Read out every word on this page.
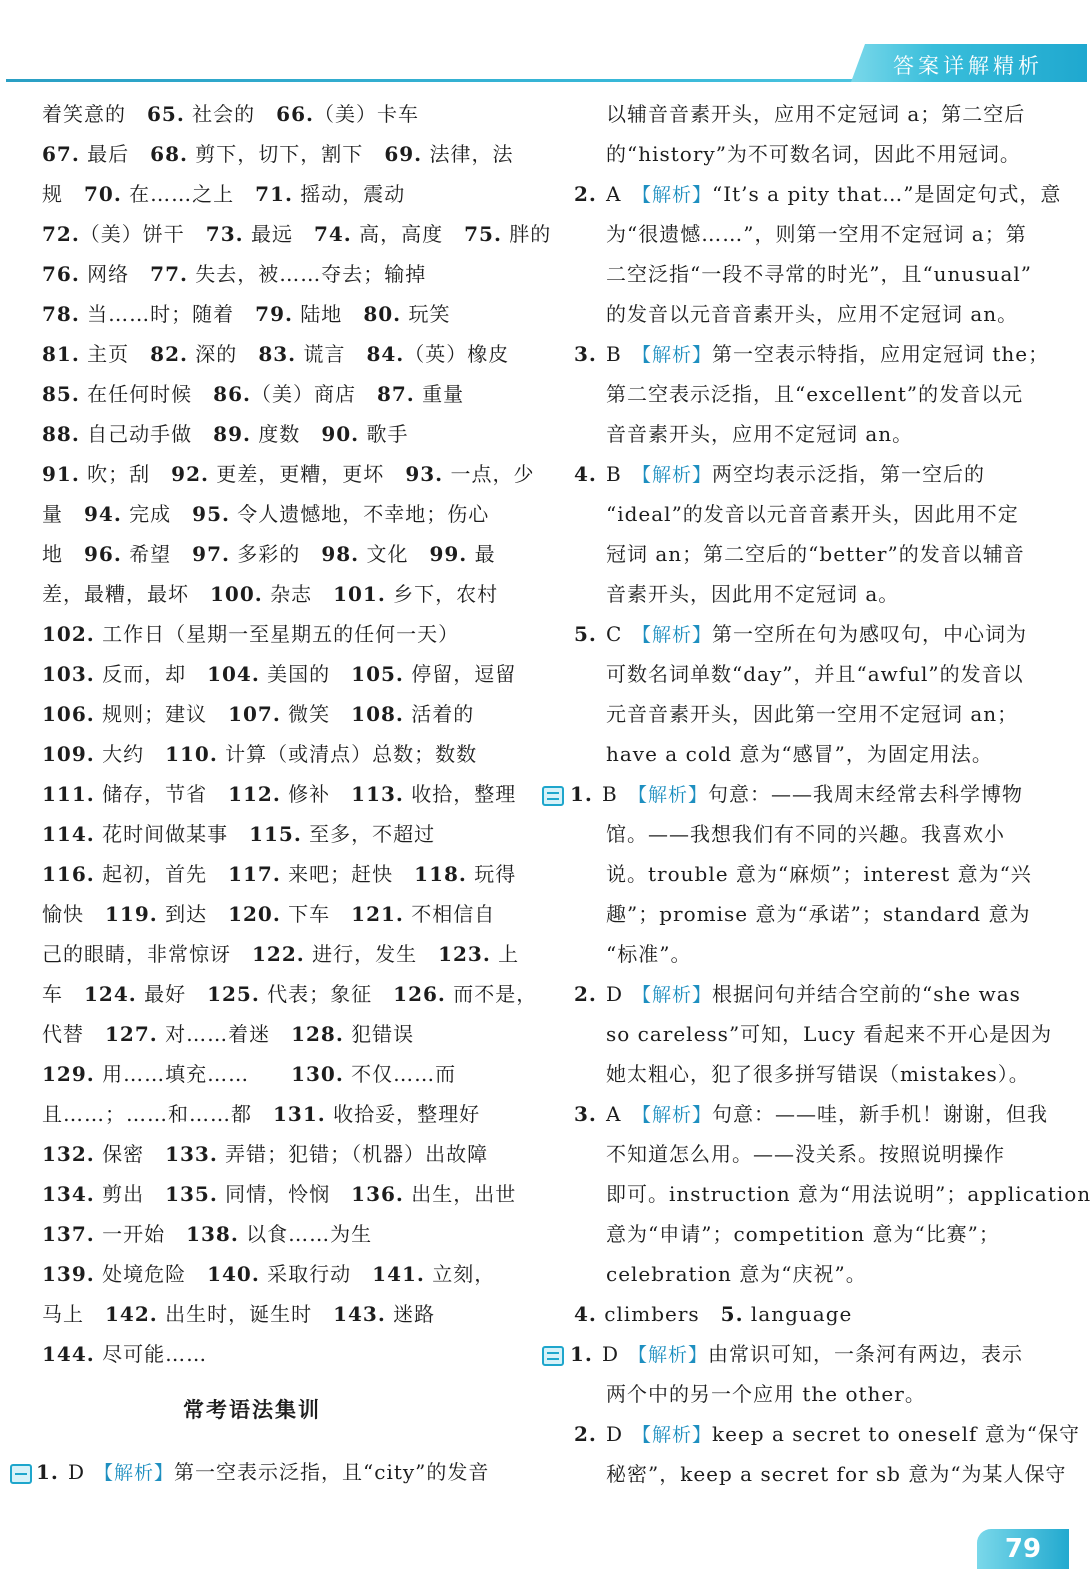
答案详解精析
着笑意的　65. 社会的　66.（美）卡车
67. 最后　68. 剪下，切下，割下　69. 法律，法
规　70. 在……之上　71. 摇动，震动
72.（美）饼干　73. 最远　74. 高，高度　75. 胖的
76. 网络　77. 失去，被……夺去；输掉
78. 当……时；随着　79. 陆地　80. 玩笑
81. 主页　82. 深的　83. 谎言　84.（英）橡皮
85. 在任何时候　86.（美）商店　87. 重量
88. 自己动手做　89. 度数　90. 歌手
91. 吹；刮　92. 更差，更糟，更坏　93. 一点，少
量　94. 完成　95. 令人遗憾地，不幸地；伤心
地　96. 希望　97. 多彩的　98. 文化　99. 最
差，最糟，最坏　100. 杂志　101. 乡下，农村
102. 工作日（星期一至星期五的任何一天）
103. 反而，却　104. 美国的　105. 停留，逗留
106. 规则；建议　107. 微笑　108. 活着的
109. 大约　110. 计算（或清点）总数；数数
111. 储存，节省　112. 修补　113. 收拾，整理
114. 花时间做某事　115. 至多，不超过
116. 起初，首先　117. 来吧；赶快　118. 玩得
愉快　119. 到达　120. 下车　121. 不相信自
己的眼睛，非常惊讶　122. 进行，发生　123. 上
车　124. 最好　125. 代表；象征　126. 而不是，
代替　127. 对……着迷　128. 犯错误
129. 用……填充……　　130. 不仅……而
且……；……和……都　131. 收拾妥，整理好
132. 保密　133. 弄错；犯错；（机器）出故障
134. 剪出　135. 同情，怜悯　136. 出生，出世
137. 一开始　138. 以食……为生
139. 处境危险　140. 采取行动　141. 立刻，
马上　142. 出生时，诞生时　143. 迷路
144. 尽可能……
常考语法集训
1. D 【解析】第一空表示泛指，且“city”的发音
以辅音音素开头，应用不定冠词 a；第二空后
的“history”为不可数名词，因此不用冠词。
2. A 【解析】“It’s a pity that…”是固定句式，意
为“很遗憾……”，则第一空用不定冠词 a；第
二空泛指“一段不寻常的时光”，且“unusual”
的发音以元音音素开头，应用不定冠词 an。
3. B 【解析】第一空表示特指，应用定冠词 the；
第二空表示泛指，且“excellent”的发音以元
音音素开头，应用不定冠词 an。
4. B 【解析】两空均表示泛指，第一空后的
“ideal”的发音以元音音素开头，因此用不定
冠词 an；第二空后的“better”的发音以辅音
音素开头，因此用不定冠词 a。
5. C 【解析】第一空所在句为感叹句，中心词为
可数名词单数“day”，并且“awful”的发音以
元音音素开头，因此第一空用不定冠词 an；
have a cold 意为“感冒”，为固定用法。
1. B 【解析】句意：——我周末经常去科学博物
馆。——我想我们有不同的兴趣。我喜欢小
说。trouble 意为“麻烦”；interest 意为“兴
趣”；promise 意为“承诺”；standard 意为
“标准”。
2. D 【解析】根据问句并结合空前的“she was
so careless”可知，Lucy 看起来不开心是因为
她太粗心，犯了很多拼写错误（mistakes）。
3. A 【解析】句意：——哇，新手机！谢谢，但我
不知道怎么用。——没关系。按照说明操作
即可。instruction 意为“用法说明”；application
意为“申请”；competition 意为“比赛”；
celebration 意为“庆祝”。
4. climbers　5. language
1. D 【解析】由常识可知，一条河有两边，表示
两个中的另一个应用 the other。
2. D 【解析】keep a secret to oneself 意为“保守
秘密”，keep a secret for sb 意为“为某人保守
79
